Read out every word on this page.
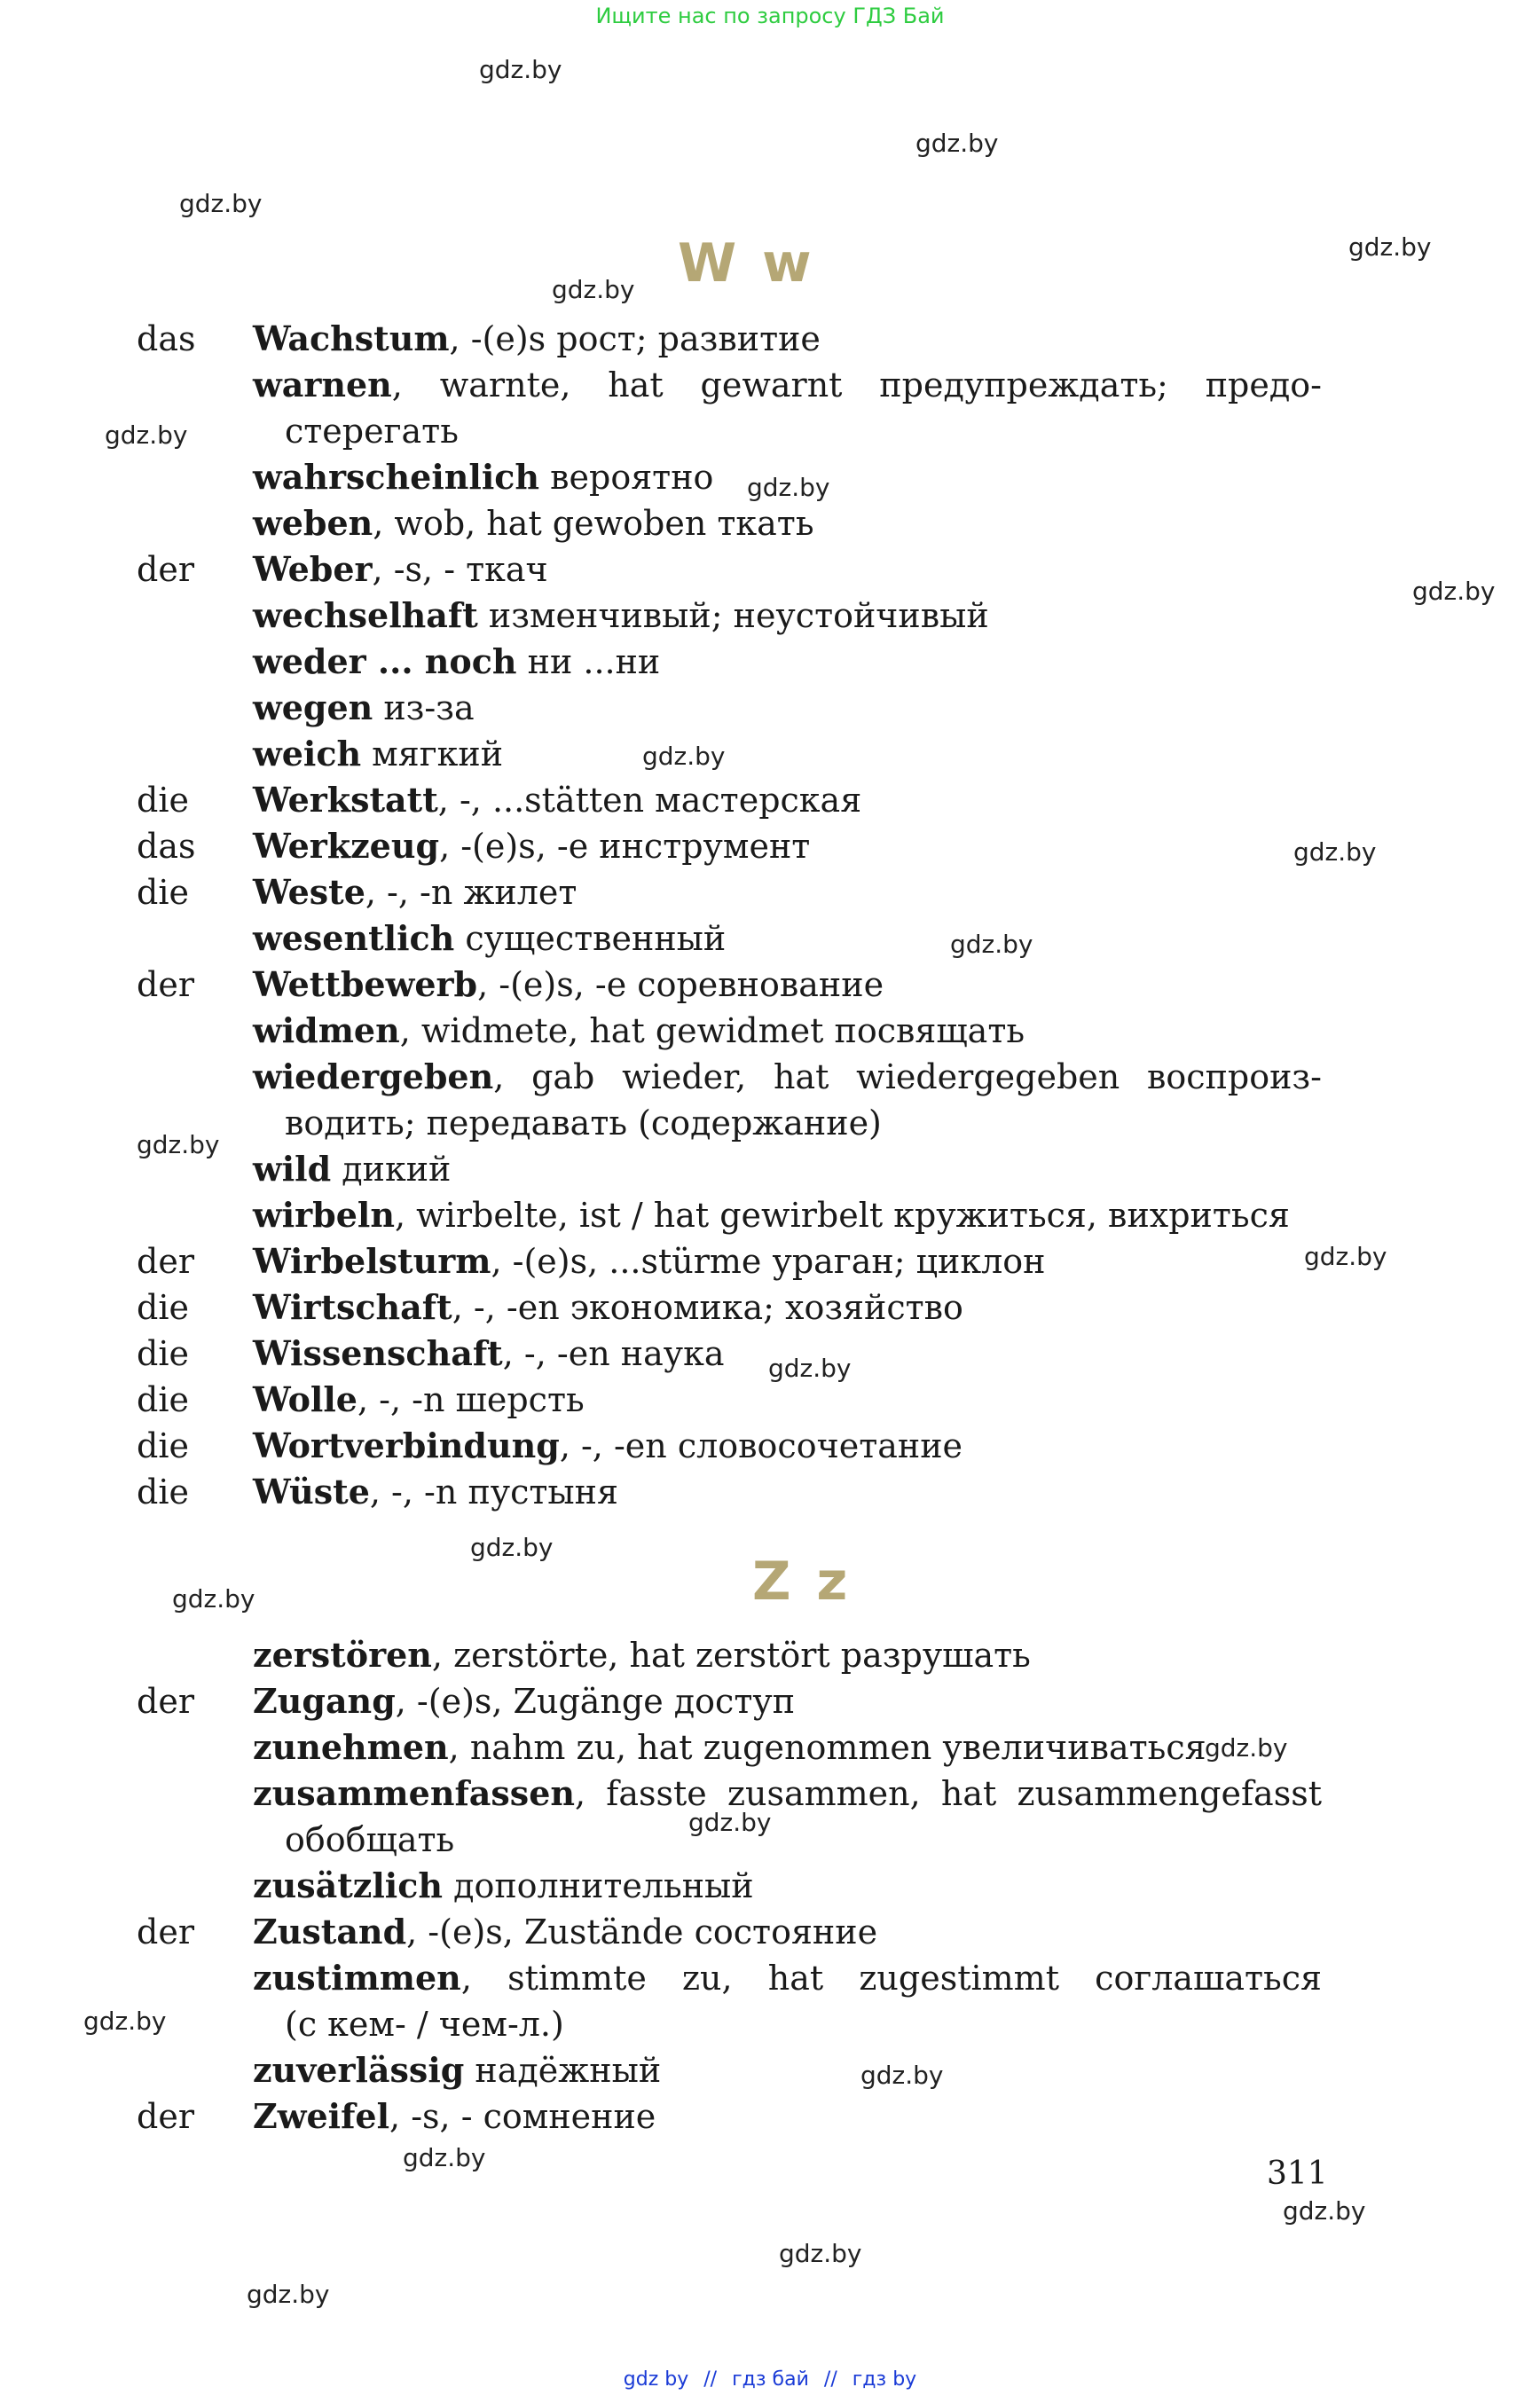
Ищите нас по запросу ГДЗ Бай
W w
Z z
das Wachstum, -(e)s рост; развитие
warnen, warnte, hat gewarnt предупреждать; предо-
стерегать
wahrscheinlich вероятно
weben, wob, hat gewoben ткать
der Weber, -s, - ткач
wechselhaft изменчивый; неустойчивый
weder ... noch ни ...ни
wegen из-за
weich мягкий
die Werkstatt, -, ...stätten мастерская
das Werkzeug, -(e)s, -e инструмент
die Weste, -, -n жилет
wesentlich существенный
der Wettbewerb, -(e)s, -e соревнование
widmen, widmete, hat gewidmet посвящать
wiedergeben, gab wieder, hat wiedergegeben воспроиз-
водить; передавать (содержание)
wild дикий
wirbeln, wirbelte, ist / hat gewirbelt кружиться, вихриться
der Wirbelsturm, -(e)s, ...stürme ураган; циклон
die Wirtschaft, -, -en экономика; хозяйство
die Wissenschaft, -, -en наука
die Wolle, -, -n шерсть
die Wortverbindung, -, -en словосочетание
die Wüste, -, -n пустыня
zerstören, zerstörte, hat zerstört разрушать
der Zugang, -(e)s, Zugänge доступ
zunehmen, nahm zu, hat zugenommen увеличиваться
zusammenfassen, fasste zusammen, hat zusammengefasst
обобщать
zusätzlich дополнительный
der Zustand, -(e)s, Zustände состояние
zustimmen, stimmte zu, hat zugestimmt соглашаться
(с кем- / чем-л.)
zuverlässig надёжный
der Zweifel, -s, - сомнение
311
gdz.by
gdz.by
gdz.by
gdz.by
gdz.by
gdz.by
gdz.by
gdz.by
gdz.by
gdz.by
gdz.by
gdz.by
gdz.by
gdz.by
gdz.by
gdz.by
gdz.by
gdz.by
gdz.by
gdz.by
gdz.by
gdz.by
gdz.by
gdz.by
gdz by // гдз бай // гдз by
